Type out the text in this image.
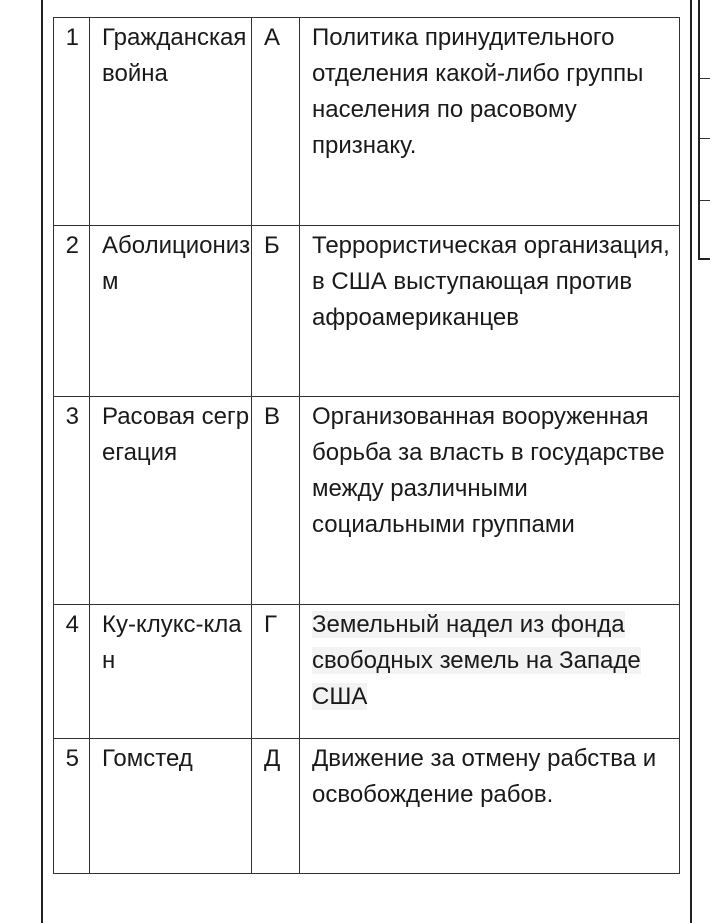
1	Гражданская война	А	Политика принудительного отделения какой-либо группы населения по расовому признаку.
2	Аболиционизм	Б	Террористическая организация, в США выступающая против афроамериканцев
3	Расовая сегрегация	В	Организованная вооруженная борьба за власть в государстве между различными социальными группами
4	Ку-клукс-клан	Г	Земельный надел из фонда свободных земель на Западе США
5	Гомстед	Д	Движение за отмену рабства и освобождение рабов.
